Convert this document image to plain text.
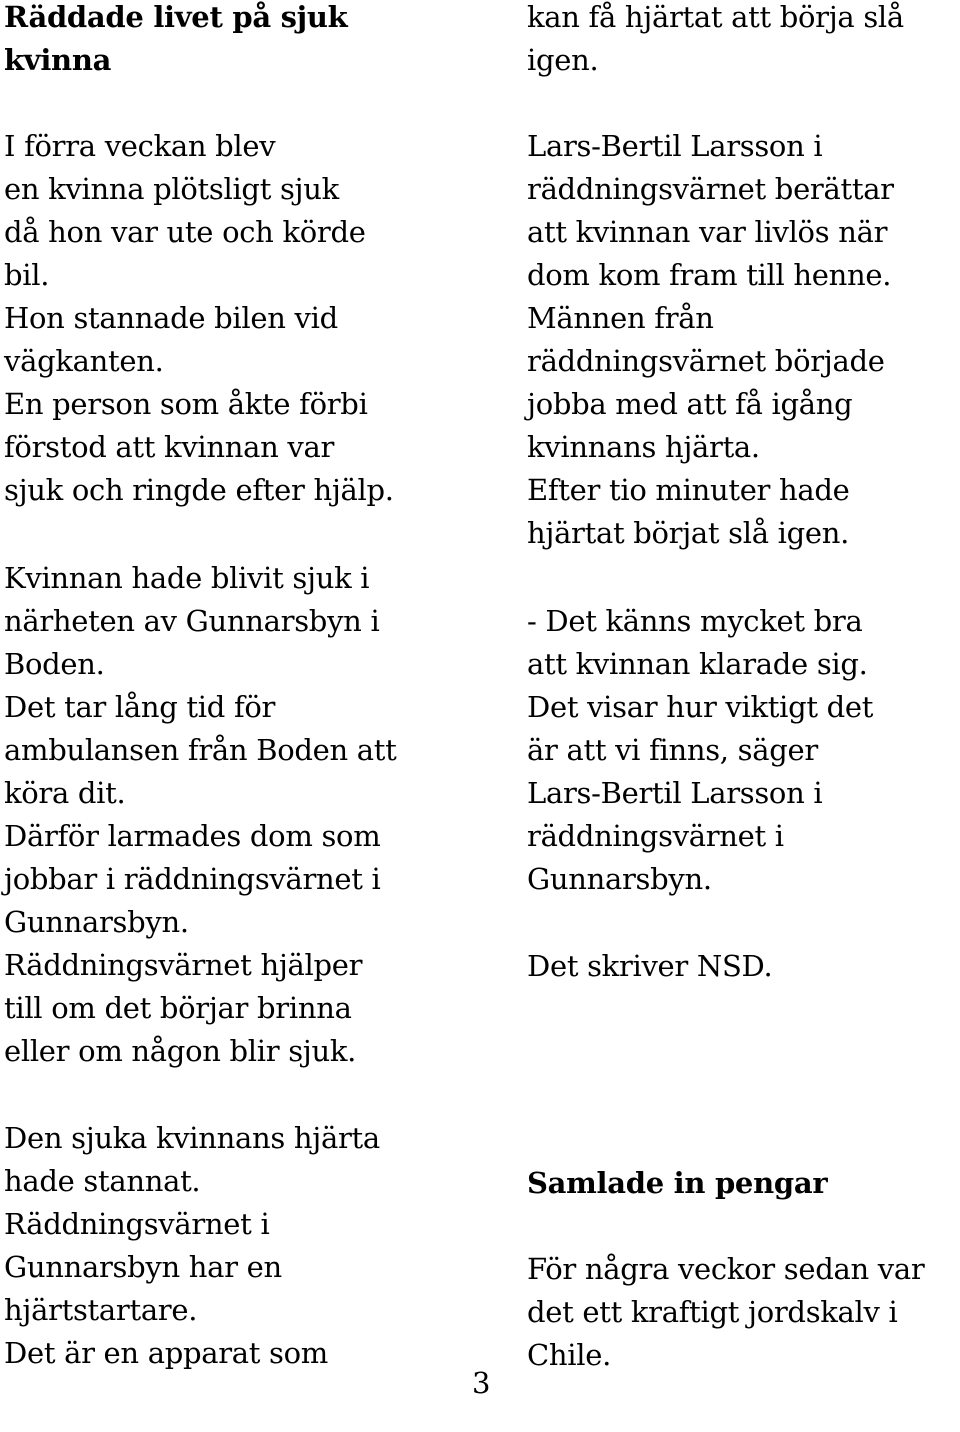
Räddade livet på sjuk
kvinna
I förra veckan blev
en kvinna plötsligt sjuk
då hon var ute och körde
bil.
Hon stannade bilen vid
vägkanten.
En person som åkte förbi
förstod att kvinnan var
sjuk och ringde efter hjälp.
Kvinnan hade blivit sjuk i
närheten av Gunnarsbyn i
Boden.
Det tar lång tid för
ambulansen från Boden att
köra dit.
Därför larmades dom som
jobbar i räddningsvärnet i
Gunnarsbyn.
Räddningsvärnet hjälper
till om det börjar brinna
eller om någon blir sjuk.
Den sjuka kvinnans hjärta
hade stannat.
Räddningsvärnet i
Gunnarsbyn har en
hjärtstartare.
Det är en apparat som
kan få hjärtat att börja slå
igen.
Lars-Bertil Larsson i
räddningsvärnet berättar
att kvinnan var livlös när
dom kom fram till henne.
Männen från
räddningsvärnet började
jobba med att få igång
kvinnans hjärta.
Efter tio minuter hade
hjärtat börjat slå igen.
- Det känns mycket bra
att kvinnan klarade sig.
Det visar hur viktigt det
är att vi finns, säger
Lars-Bertil Larsson i
räddningsvärnet i
Gunnarsbyn.
Det skriver NSD.
Samlade in pengar
För några veckor sedan var
det ett kraftigt jordskalv i
Chile.
3
